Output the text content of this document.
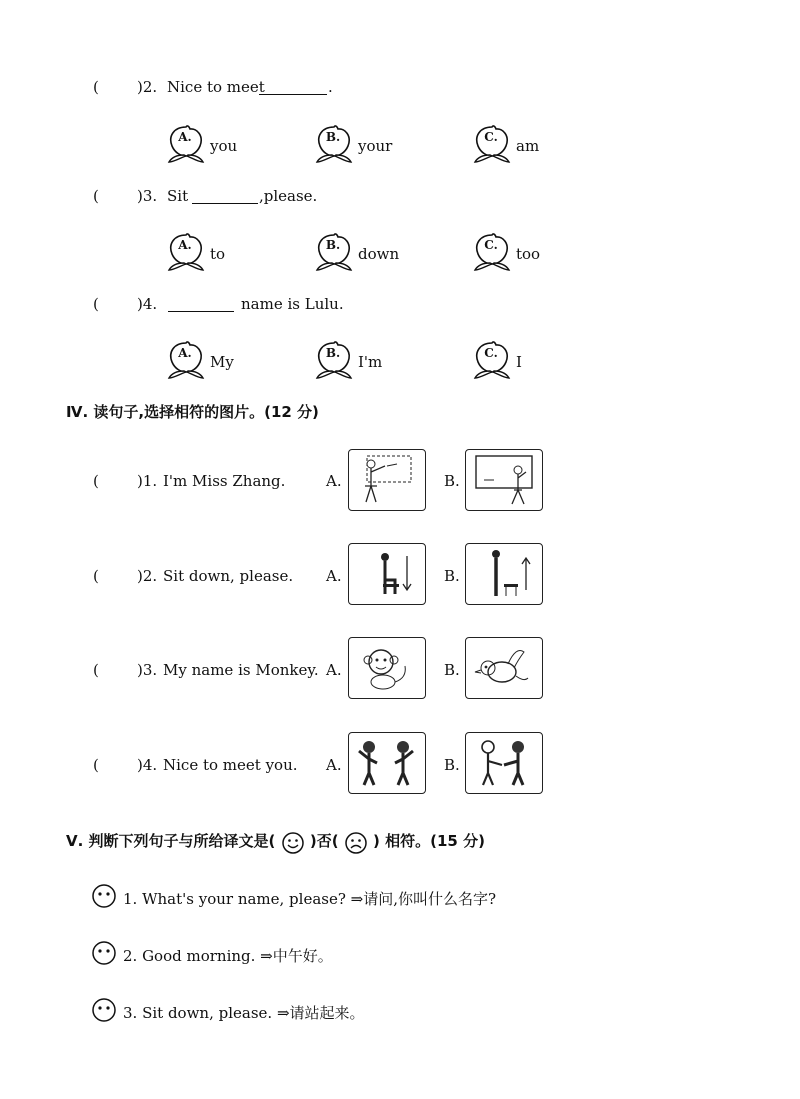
(	)2. Nice to meet	.
A. you	B. your	C. am
(	)3. Sit	,please.
A. to	B. down	C. too
(	)4.	name is Lulu.
A. My	B. I'm	C. I
Ⅳ. 读句子,选择相符的图片。(12 分)
(	)1. I'm Miss Zhang.	A.	B.
(	)2. Sit down, please. A.	B.
(	)3. My name is Monkey. A.	B.
(	)4. Nice to meet you. A.	B.
Ⅴ. 判断下列句子与所给译文是( )否( ) 相符。(15 分)
1. What's your name, please? ⇒请问,你叫什么名字?
2. Good morning. ⇒中午好。
3. Sit down, please. ⇒请站起来。
